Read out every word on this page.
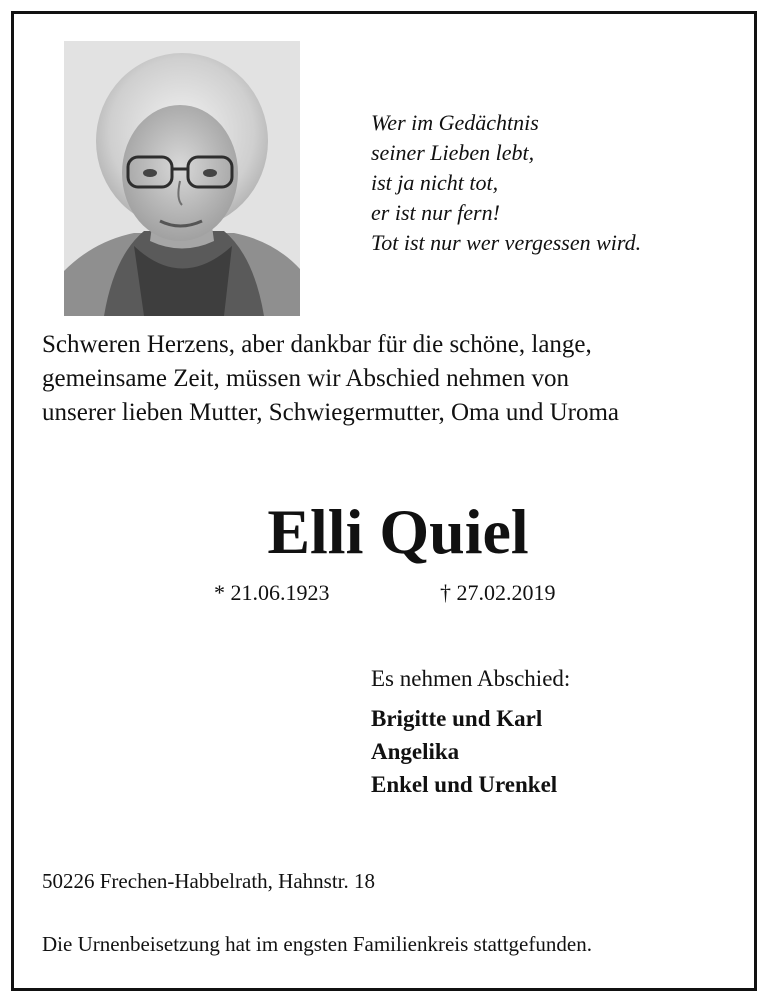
Wer im Gedächtnis
seiner Lieben lebt,
ist ja nicht tot,
er ist nur fern!
Tot ist nur wer vergessen wird.
Schweren Herzens, aber dankbar für die schöne, lange,
gemeinsame Zeit, müssen wir Abschied nehmen von
unserer lieben Mutter, Schwiegermutter, Oma und Uroma
Elli Quiel
* 21.06.1923	† 27.02.2019
Es nehmen Abschied:
Brigitte und Karl
Angelika
Enkel und Urenkel
50226 Frechen-Habbelrath, Hahnstr. 18
Die Urnenbeisetzung hat im engsten Familienkreis stattgefunden.
